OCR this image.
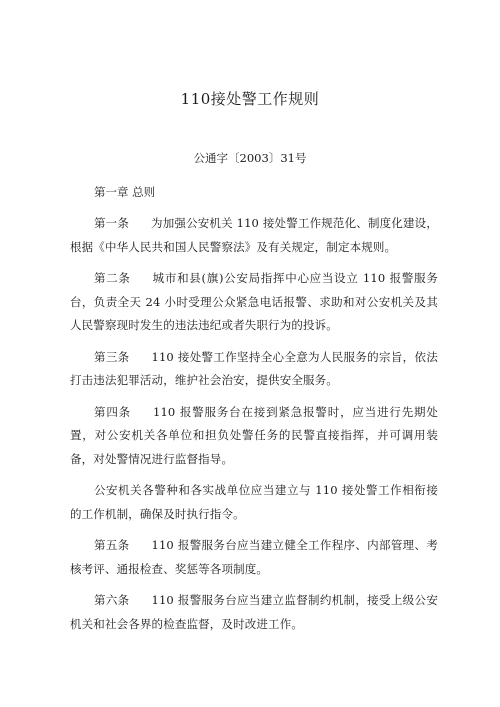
110接处警工作规则
公通字〔2003〕31号
第一章 总则
第一条 为加强公安机关 110 接处警工作规范化、制度化建设，根据《中华人民共和国人民警察法》及有关规定，制定本规则。
第二条 城市和县(旗)公安局指挥中心应当设立 110 报警服务台，负责全天 24 小时受理公众紧急电话报警、求助和对公安机关及其人民警察现时发生的违法违纪或者失职行为的投诉。
第三条 110 接处警工作坚持全心全意为人民服务的宗旨，依法打击违法犯罪活动，维护社会治安，提供安全服务。
第四条 110 报警服务台在接到紧急报警时，应当进行先期处置，对公安机关各单位和担负处警任务的民警直接指挥，并可调用装备，对处警情况进行监督指导。
公安机关各警种和各实战单位应当建立与 110 接处警工作相衔接的工作机制，确保及时执行指令。
第五条 110 报警服务台应当建立健全工作程序、内部管理、考核考评、通报检查、奖惩等各项制度。
第六条 110 报警服务台应当建立监督制约机制，接受上级公安机关和社会各界的检查监督，及时改进工作。
